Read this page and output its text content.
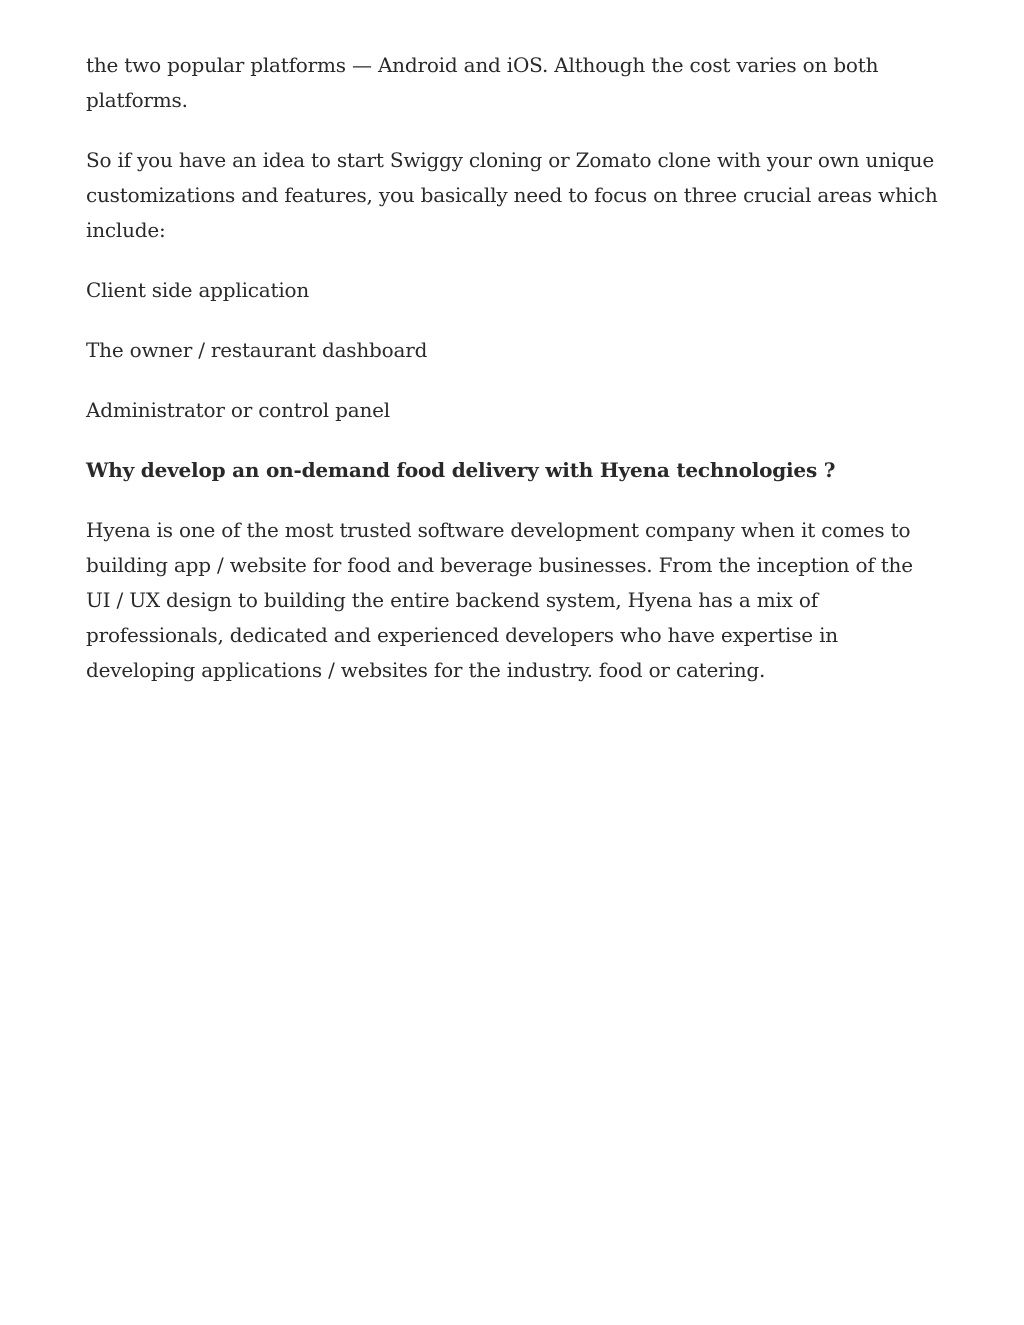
the two popular platforms — Android and iOS. Although the cost varies on both platforms.

So if you have an idea to start Swiggy cloning or Zomato clone with your own unique customizations and features, you basically need to focus on three crucial areas which include:

Client side application

The owner / restaurant dashboard

Administrator or control panel

Why develop an on-demand food delivery with Hyena technologies ?

Hyena is one of the most trusted software development company when it comes to building app / website for food and beverage businesses. From the inception of the UI / UX design to building the entire backend system, Hyena has a mix of professionals, dedicated and experienced developers who have expertise in developing applications / websites for the industry. food or catering.
